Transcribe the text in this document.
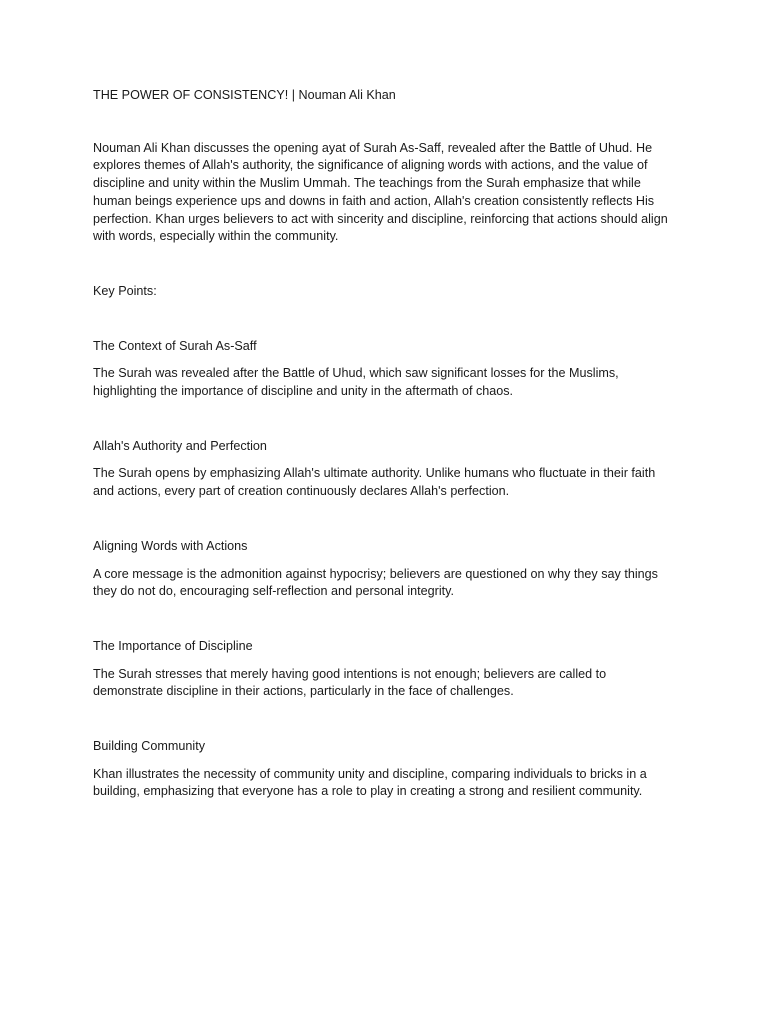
THE POWER OF CONSISTENCY! | Nouman Ali Khan

Nouman Ali Khan discusses the opening ayat of Surah As-Saff, revealed after the Battle of Uhud. He explores themes of Allah's authority, the significance of aligning words with actions, and the value of discipline and unity within the Muslim Ummah. The teachings from the Surah emphasize that while human beings experience ups and downs in faith and action, Allah's creation consistently reflects His perfection. Khan urges believers to act with sincerity and discipline, reinforcing that actions should align with words, especially within the community.

Key Points:

The Context of Surah As-Saff

The Surah was revealed after the Battle of Uhud, which saw significant losses for the Muslims, highlighting the importance of discipline and unity in the aftermath of chaos.

Allah's Authority and Perfection

The Surah opens by emphasizing Allah's ultimate authority. Unlike humans who fluctuate in their faith and actions, every part of creation continuously declares Allah's perfection.

Aligning Words with Actions

A core message is the admonition against hypocrisy; believers are questioned on why they say things they do not do, encouraging self-reflection and personal integrity.

The Importance of Discipline

The Surah stresses that merely having good intentions is not enough; believers are called to demonstrate discipline in their actions, particularly in the face of challenges.

Building Community

Khan illustrates the necessity of community unity and discipline, comparing individuals to bricks in a building, emphasizing that everyone has a role to play in creating a strong and resilient community.
